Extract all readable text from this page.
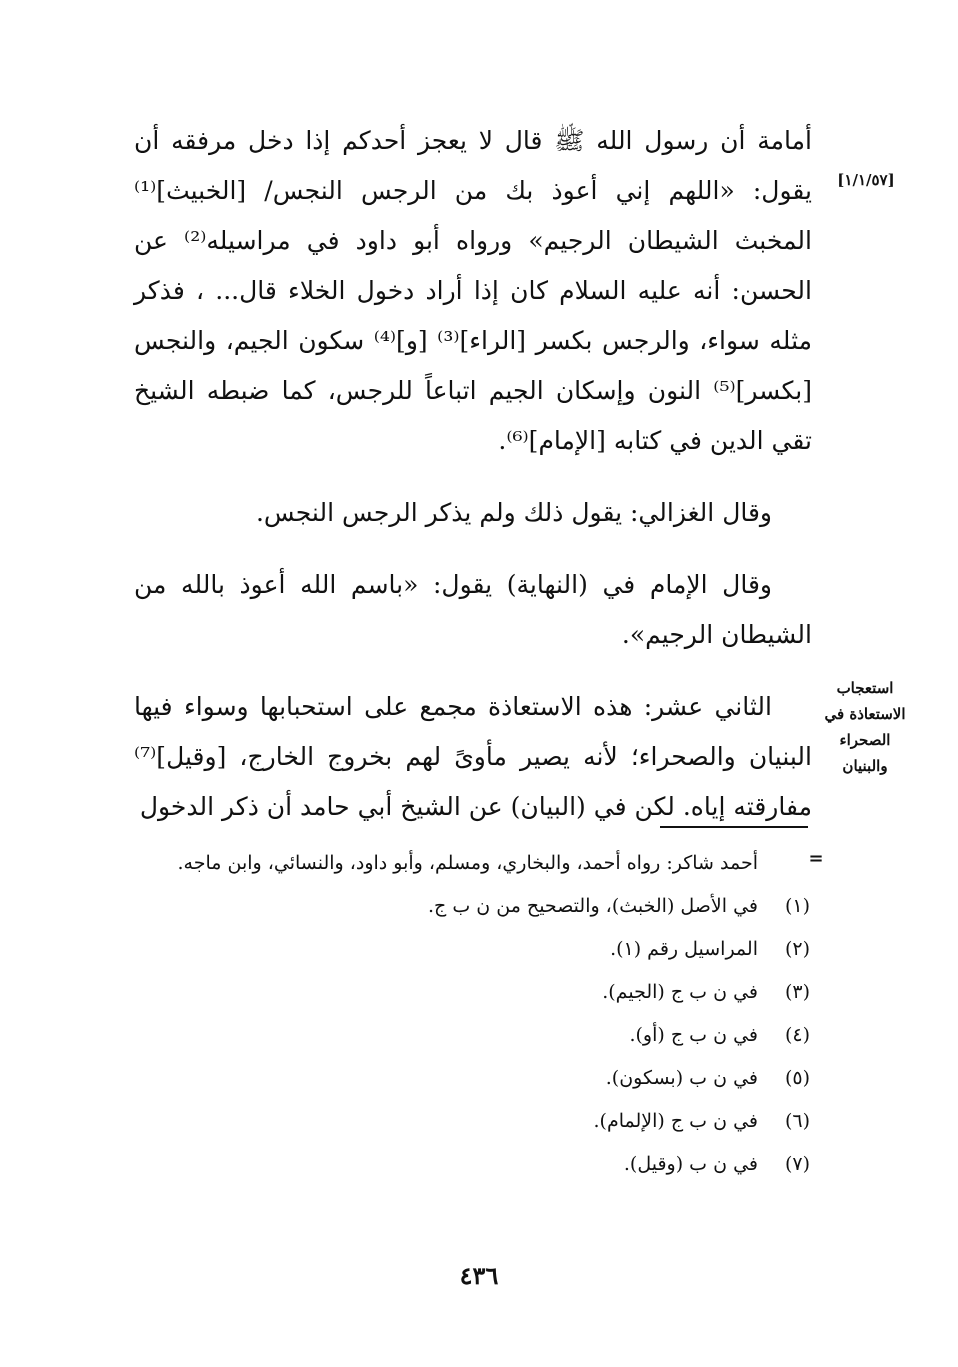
[١/١/٥٧]
استعجاب الاستعاذة في الصحراء والبنيان

أمامة أن رسول الله ﷺ قال لا يعجز أحدكم إذا دخل مرفقه أن يقول: «اللهم إني أعوذ بك من الرجس النجس/ [الخبيث]⁽¹⁾ المخبث الشيطان الرجيم» ورواه أبو داود في مراسيله⁽²⁾ عن الحسن: أنه عليه السلام كان إذا أراد دخول الخلاء قال... ، فذكر مثله سواء، والرجس بكسر [الراء]⁽³⁾ [و]⁽⁴⁾ سكون الجيم، والنجس [بكسر]⁽⁵⁾ النون وإسكان الجيم اتباعاً للرجس، كما ضبطه الشيخ تقي الدين في كتابه [الإمام]⁽⁶⁾.

وقال الغزالي: يقول ذلك ولم يذكر الرجس النجس.

وقال الإمام في (النهاية) يقول: «باسم الله أعوذ بالله من الشيطان الرجيم».

الثاني عشر: هذه الاستعاذة مجمع على استحبابها وسواء فيها البنيان والصحراء؛ لأنه يصير مأوىً لهم بخروج الخارج، [وقيل]⁽⁷⁾ مفارقته إياه. لكن في (البيان) عن الشيخ أبي حامد أن ذكر الدخول

=
أحمد شاكر: رواه أحمد، والبخاري، ومسلم، وأبو داود، والنسائي، وابن ماجه.
(١)
في الأصل (الخبث)، والتصحيح من ن ب ج.
(٢)
المراسيل رقم (١).
(٣)
في ن ب ج (الجيم).
(٤)
في ن ب ج (أو).
(٥)
في ن ب (بسكون).
(٦)
في ن ب ج (الإلمام).
(٧)
في ن ب (وقيل).
٤٣٦
